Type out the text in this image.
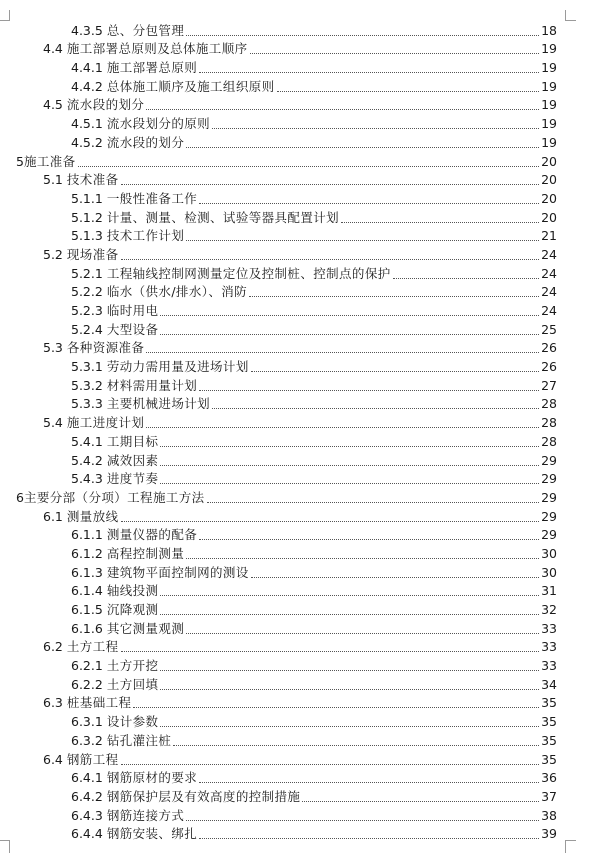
4.3.5 总、分包管理	18
4.4 施工部署总原则及总体施工顺序	19
4.4.1 施工部署总原则	19
4.4.2 总体施工顺序及施工组织原则	19
4.5 流水段的划分	19
4.5.1 流水段划分的原则	19
4.5.2 流水段的划分	19
5 施工准备	20
5.1 技术准备	20
5.1.1 一般性准备工作	20
5.1.2 计量、测量、检测、试验等器具配置计划	20
5.1.3 技术工作计划	21
5.2 现场准备	24
5.2.1 工程轴线控制网测量定位及控制桩、控制点的保护	24
5.2.2 临水（供水/排水）、消防	24
5.2.3 临时用电	24
5.2.4 大型设备	25
5.3 各种资源准备	26
5.3.1 劳动力需用量及进场计划	26
5.3.2 材料需用量计划	27
5.3.3 主要机械进场计划	28
5.4 施工进度计划	28
5.4.1 工期目标	28
5.4.2 减效因素	29
5.4.3 进度节奏	29
6 主要分部（分项）工程施工方法	29
6.1 测量放线	29
6.1.1 测量仪器的配备	29
6.1.2 高程控制测量	30
6.1.3 建筑物平面控制网的测设	30
6.1.4 轴线投测	31
6.1.5 沉降观测	32
6.1.6 其它测量观测	33
6.2 土方工程	33
6.2.1 土方开挖	33
6.2.2 土方回填	34
6.3 桩基础工程	35
6.3.1 设计参数	35
6.3.2 钻孔灌注桩	35
6.4 钢筋工程	35
6.4.1 钢筋原材的要求	36
6.4.2 钢筋保护层及有效高度的控制措施	37
6.4.3 钢筋连接方式	38
6.4.4 钢筋安装、绑扎	39
